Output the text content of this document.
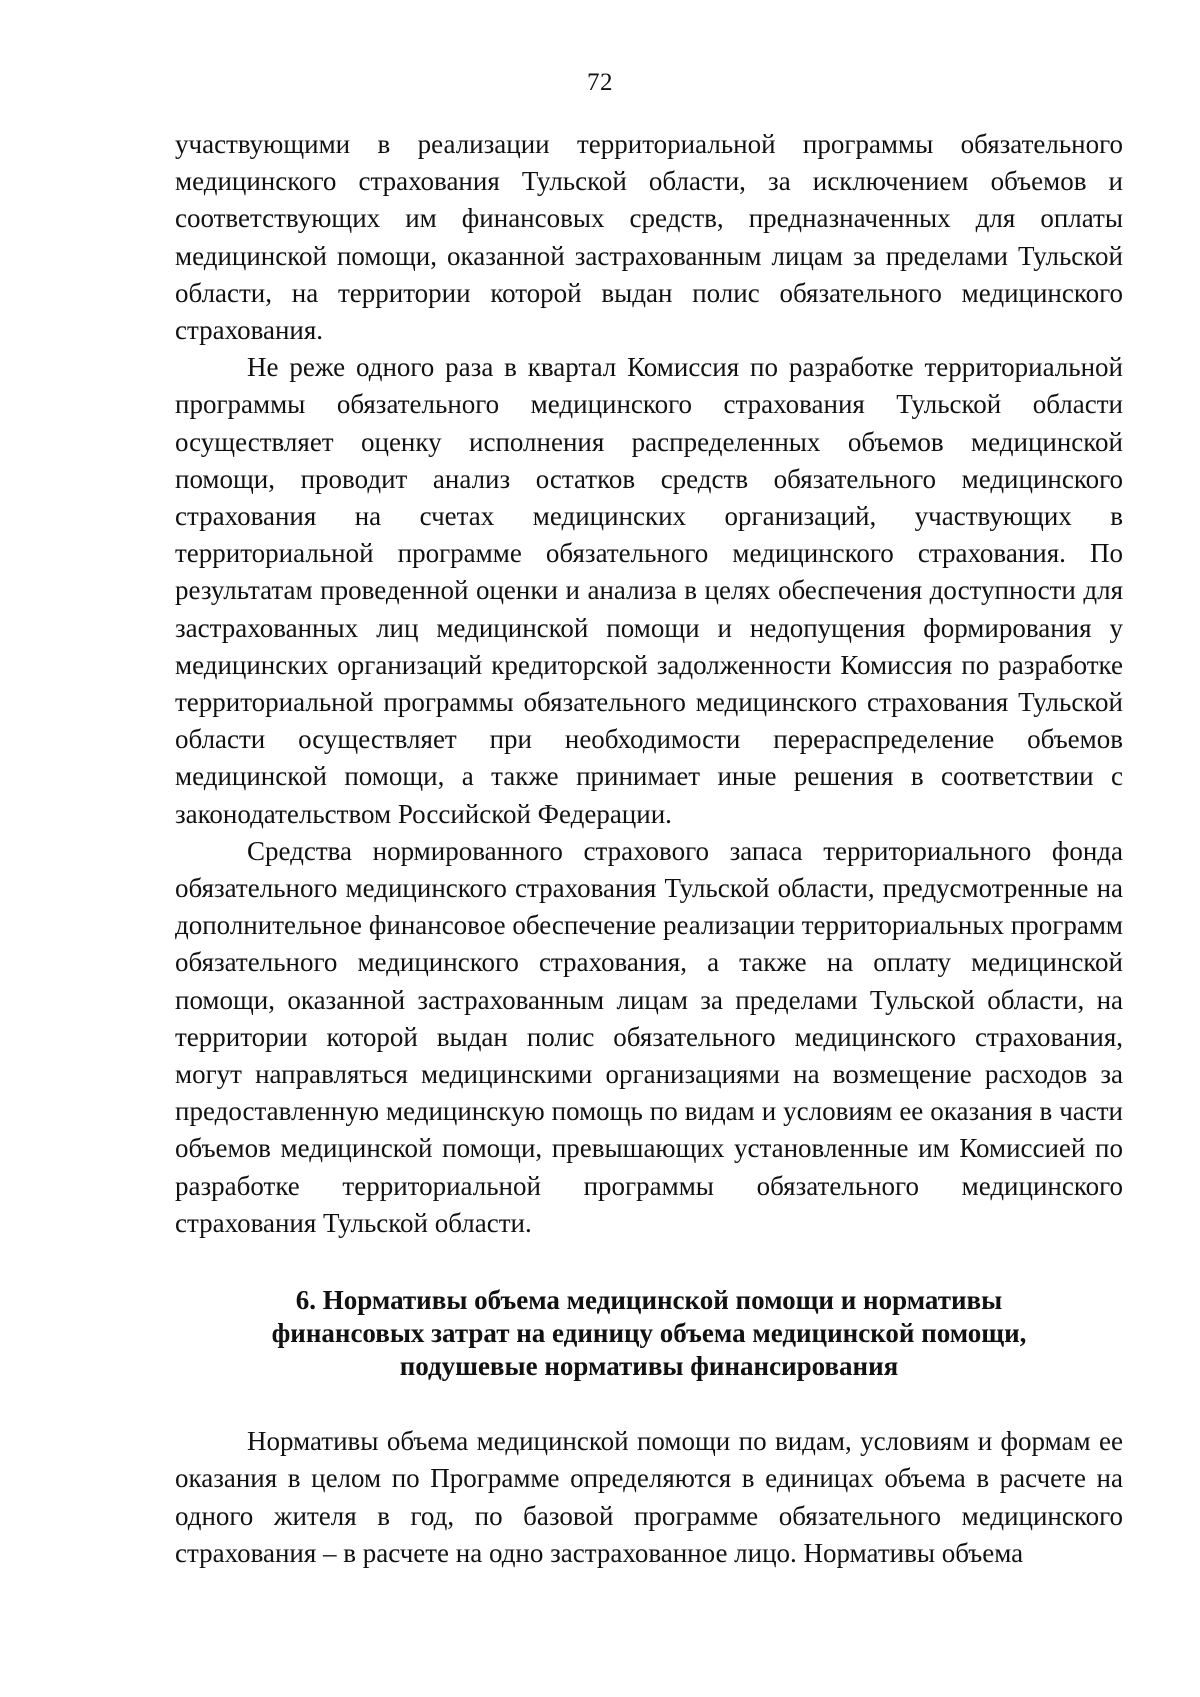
72

участвующими в реализации территориальной программы обязательного медицинского страхования Тульской области, за исключением объемов и соответствующих им финансовых средств, предназначенных для оплаты медицинской помощи, оказанной застрахованным лицам за пределами Тульской области, на территории которой выдан полис обязательного медицинского страхования.

Не реже одного раза в квартал Комиссия по разработке территориальной программы обязательного медицинского страхования Тульской области осуществляет оценку исполнения распределенных объемов медицинской помощи, проводит анализ остатков средств обязательного медицинского страхования на счетах медицинских организаций, участвующих в территориальной программе обязательного медицинского страхования. По результатам проведенной оценки и анализа в целях обеспечения доступности для застрахованных лиц медицинской помощи и недопущения формирования у медицинских организаций кредиторской задолженности Комиссия по разработке территориальной программы обязательного медицинского страхования Тульской области осуществляет при необходимости перераспределение объемов медицинской помощи, а также принимает иные решения в соответствии с законодательством Российской Федерации.

Средства нормированного страхового запаса территориального фонда обязательного медицинского страхования Тульской области, предусмотренные на дополнительное финансовое обеспечение реализации территориальных программ обязательного медицинского страхования, а также на оплату медицинской помощи, оказанной застрахованным лицам за пределами Тульской области, на территории которой выдан полис обязательного медицинского страхования, могут направляться медицинскими организациями на возмещение расходов за предоставленную медицинскую помощь по видам и условиям ее оказания в части объемов медицинской помощи, превышающих установленные им Комиссией по разработке территориальной программы обязательного медицинского страхования Тульской области.

6. Нормативы объема медицинской помощи и нормативы
финансовых затрат на единицу объема медицинской помощи,
подушевые нормативы финансирования

Нормативы объема медицинской помощи по видам, условиям и формам ее оказания в целом по Программе определяются в единицах объема в расчете на одного жителя в год, по базовой программе обязательного медицинского страхования – в расчете на одно застрахованное лицо. Нормативы объема
